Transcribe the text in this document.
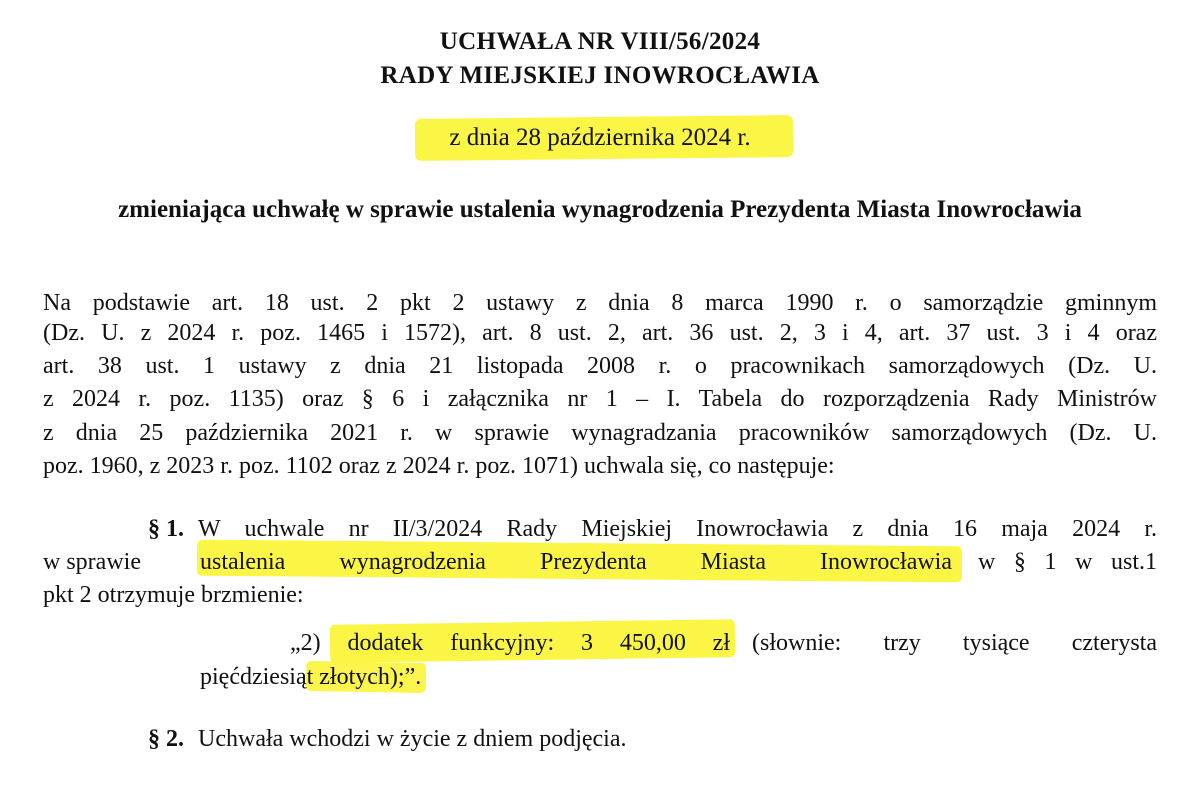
UCHWAŁA NR VIII/56/2024
RADY MIEJSKIEJ INOWROCŁAWIA
z dnia 28 października 2024 r.
zmieniająca uchwałę w sprawie ustalenia wynagrodzenia Prezydenta Miasta Inowrocławia
Na podstawie art. 18 ust. 2 pkt 2 ustawy z dnia 8 marca 1990 r. o samorządzie gminnym
(Dz. U. z 2024 r. poz. 1465 i 1572), art. 8 ust. 2, art. 36 ust. 2, 3 i 4, art. 37 ust. 3 i 4 oraz
art. 38 ust. 1 ustawy z dnia 21 listopada 2008 r. o pracownikach samorządowych (Dz. U.
z 2024 r. poz. 1135) oraz § 6 i załącznika nr 1 – I. Tabela do rozporządzenia Rady Ministrów
z dnia 25 października 2021 r. w sprawie wynagradzania pracowników samorządowych (Dz. U.
poz. 1960, z 2023 r. poz. 1102 oraz z 2024 r. poz. 1071) uchwala się, co następuje:
§ 1. W uchwale nr II/3/2024 Rady Miejskiej Inowrocławia z dnia 16 maja 2024 r.
w sprawie ustalenia wynagrodzenia Prezydenta Miasta Inowrocławia w § 1 w ust.1
pkt 2 otrzymuje brzmienie:
„2) dodatek funkcyjny: 3 450,00 zł (słownie: trzy tysiące czterysta
pięćdziesiąt złotych);”.
§ 2. Uchwała wchodzi w życie z dniem podjęcia.
